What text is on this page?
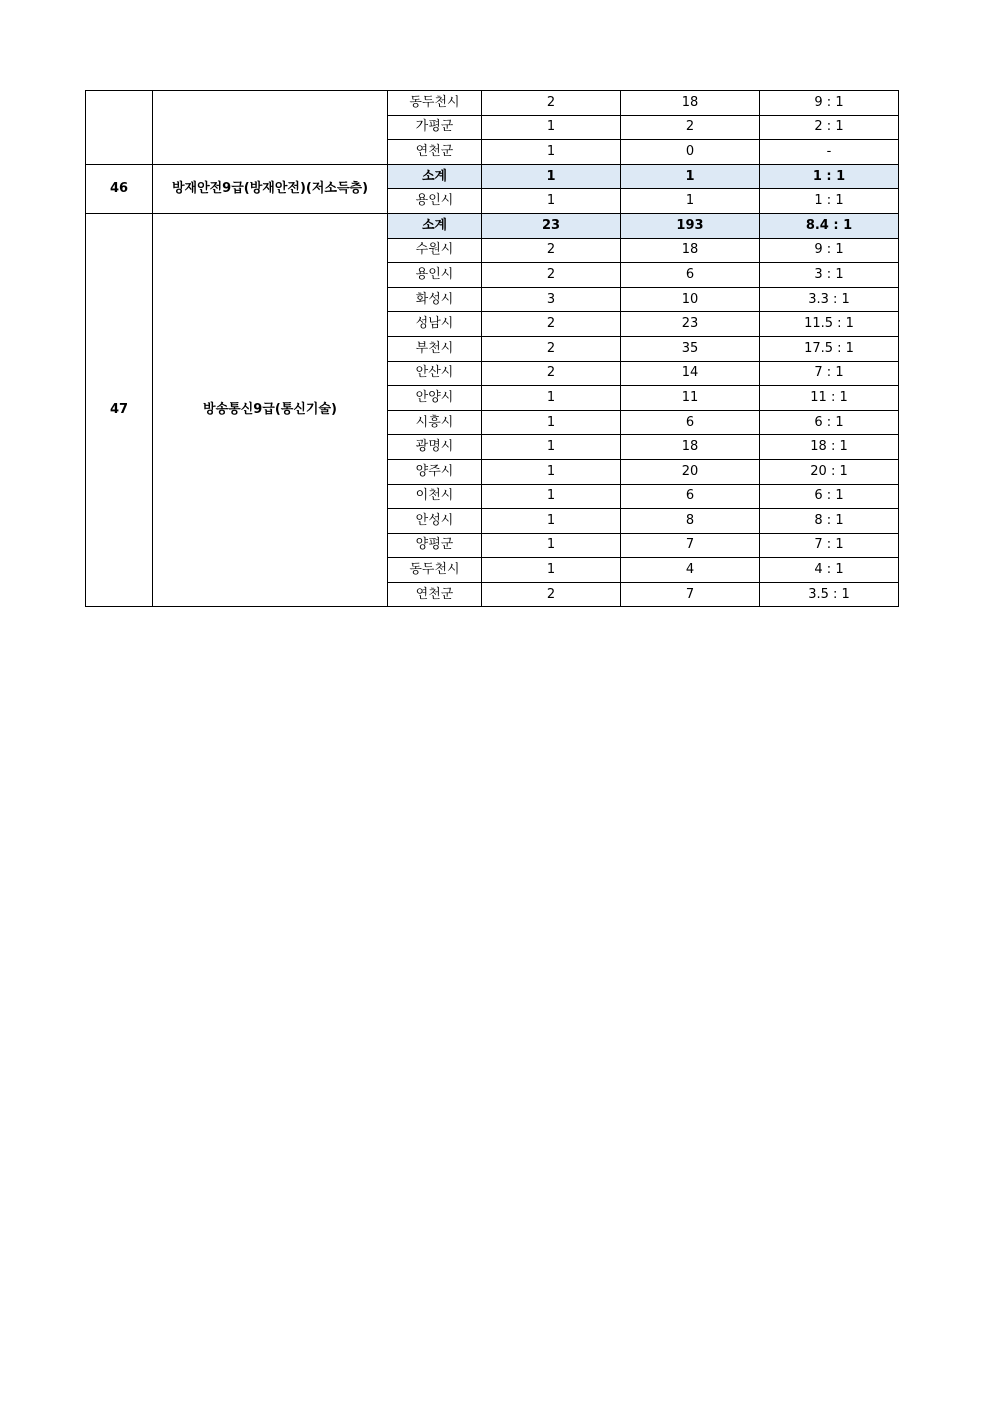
		동두천시	2	18	9 : 1
		가평군	1	2	2 : 1
		연천군	1	0	-
46	방재안전9급(방재안전)(저소득층)	소계	1	1	1 : 1
		용인시	1	1	1 : 1
47	방송통신9급(통신기술)	소계	23	193	8.4 : 1
		수원시	2	18	9 : 1
		용인시	2	6	3 : 1
		화성시	3	10	3.3 : 1
		성남시	2	23	11.5 : 1
		부천시	2	35	17.5 : 1
		안산시	2	14	7 : 1
		안양시	1	11	11 : 1
		시흥시	1	6	6 : 1
		광명시	1	18	18 : 1
		양주시	1	20	20 : 1
		이천시	1	6	6 : 1
		안성시	1	8	8 : 1
		양평군	1	7	7 : 1
		동두천시	1	4	4 : 1
		연천군	2	7	3.5 : 1
